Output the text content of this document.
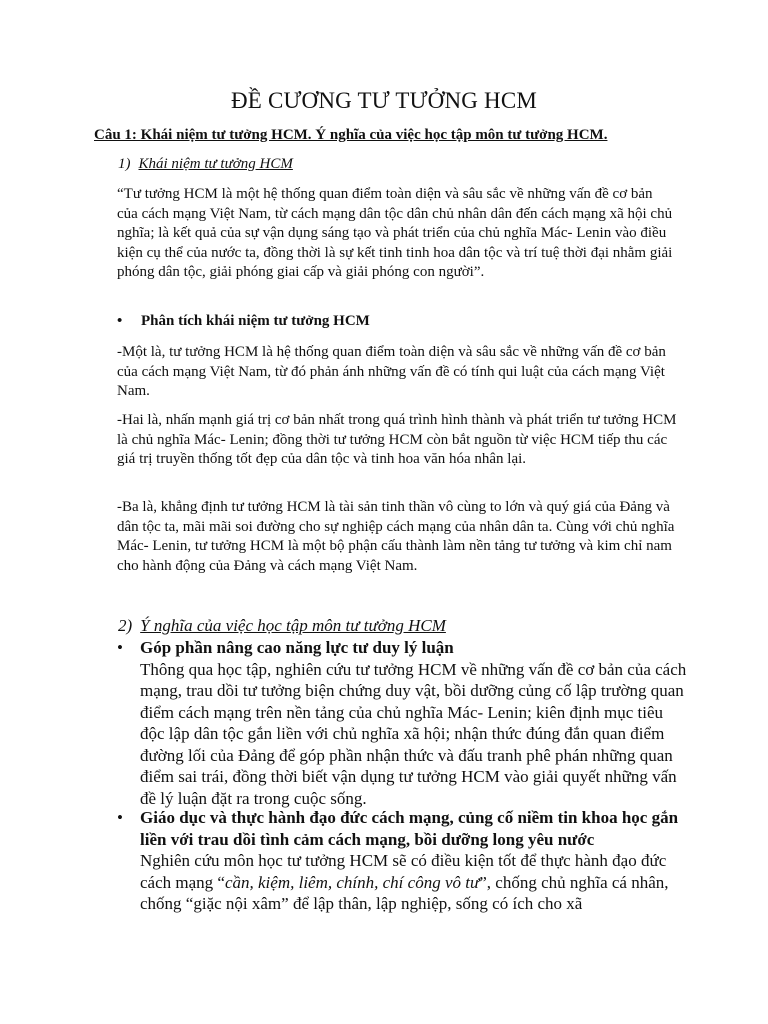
ĐỀ CƯƠNG TƯ TƯỞNG HCM
Câu 1: Khái niệm tư tưởng HCM. Ý nghĩa của việc học tập môn tư tưởng HCM.
1) Khái niệm tư tưởng HCM

“Tư tưởng HCM là một hệ thống quan điểm toàn diện và sâu sắc về những vấn đề cơ bản của cách mạng Việt Nam, từ cách mạng dân tộc dân chủ nhân dân đến cách mạng xã hội chủ nghĩa; là kết quả của sự vận dụng sáng tạo và phát triển của chủ nghĩa Mác- Lenin vào điều kiện cụ thể của nước ta, đồng thời là sự kết tinh tinh hoa dân tộc và trí tuệ thời đại nhằm giải phóng dân tộc, giải phóng giai cấp và giải phóng con người”.

• Phân tích khái niệm tư tưởng HCM

-Một là, tư tưởng HCM là hệ thống quan điểm toàn diện và sâu sắc về những vấn đề cơ bản của cách mạng Việt Nam, từ đó phản ánh những vấn đề có tính qui luật của cách mạng Việt Nam.

-Hai là, nhấn mạnh giá trị cơ bản nhất trong quá trình hình thành và phát triển tư tưởng HCM là chủ nghĩa Mác- Lenin; đồng thời tư tưởng HCM còn bắt nguồn từ việc HCM tiếp thu các giá trị truyền thống tốt đẹp của dân tộc và tinh hoa văn hóa nhân lại.

-Ba là, khẳng định tư tưởng HCM là tài sản tinh thần vô cùng to lớn và quý giá của Đảng và dân tộc ta, mãi mãi soi đường cho sự nghiệp cách mạng của nhân dân ta. Cùng với chủ nghĩa Mác- Lenin, tư tưởng HCM là một bộ phận cấu thành làm nền tảng tư tưởng và kim chỉ nam cho hành động của Đảng và cách mạng Việt Nam.

2) Ý nghĩa của việc học tập môn tư tưởng HCM
• Góp phần nâng cao năng lực tư duy lý luận
Thông qua học tập, nghiên cứu tư tưởng HCM về những vấn đề cơ bản của cách mạng, trau dồi tư tưởng biện chứng duy vật, bồi dưỡng củng cố lập trường quan điểm cách mạng trên nền tảng của chủ nghĩa Mác- Lenin; kiên định mục tiêu độc lập dân tộc gắn liền với chủ nghĩa xã hội; nhận thức đúng đắn quan điểm đường lối của Đảng để góp phần nhận thức và đấu tranh phê phán những quan điểm sai trái, đồng thời biết vận dụng tư tưởng HCM vào giải quyết những vấn đề lý luận đặt ra trong cuộc sống.
• Giáo dục và thực hành đạo đức cách mạng, củng cố niềm tin khoa học gắn liền với trau dồi tình cảm cách mạng, bồi dưỡng long yêu nước
Nghiên cứu môn học tư tưởng HCM sẽ có điều kiện tốt để thực hành đạo đức cách mạng “cần, kiệm, liêm, chính, chí công vô tư”, chống chủ nghĩa cá nhân, chống “giặc nội xâm” để lập thân, lập nghiệp, sống có ích cho xã
